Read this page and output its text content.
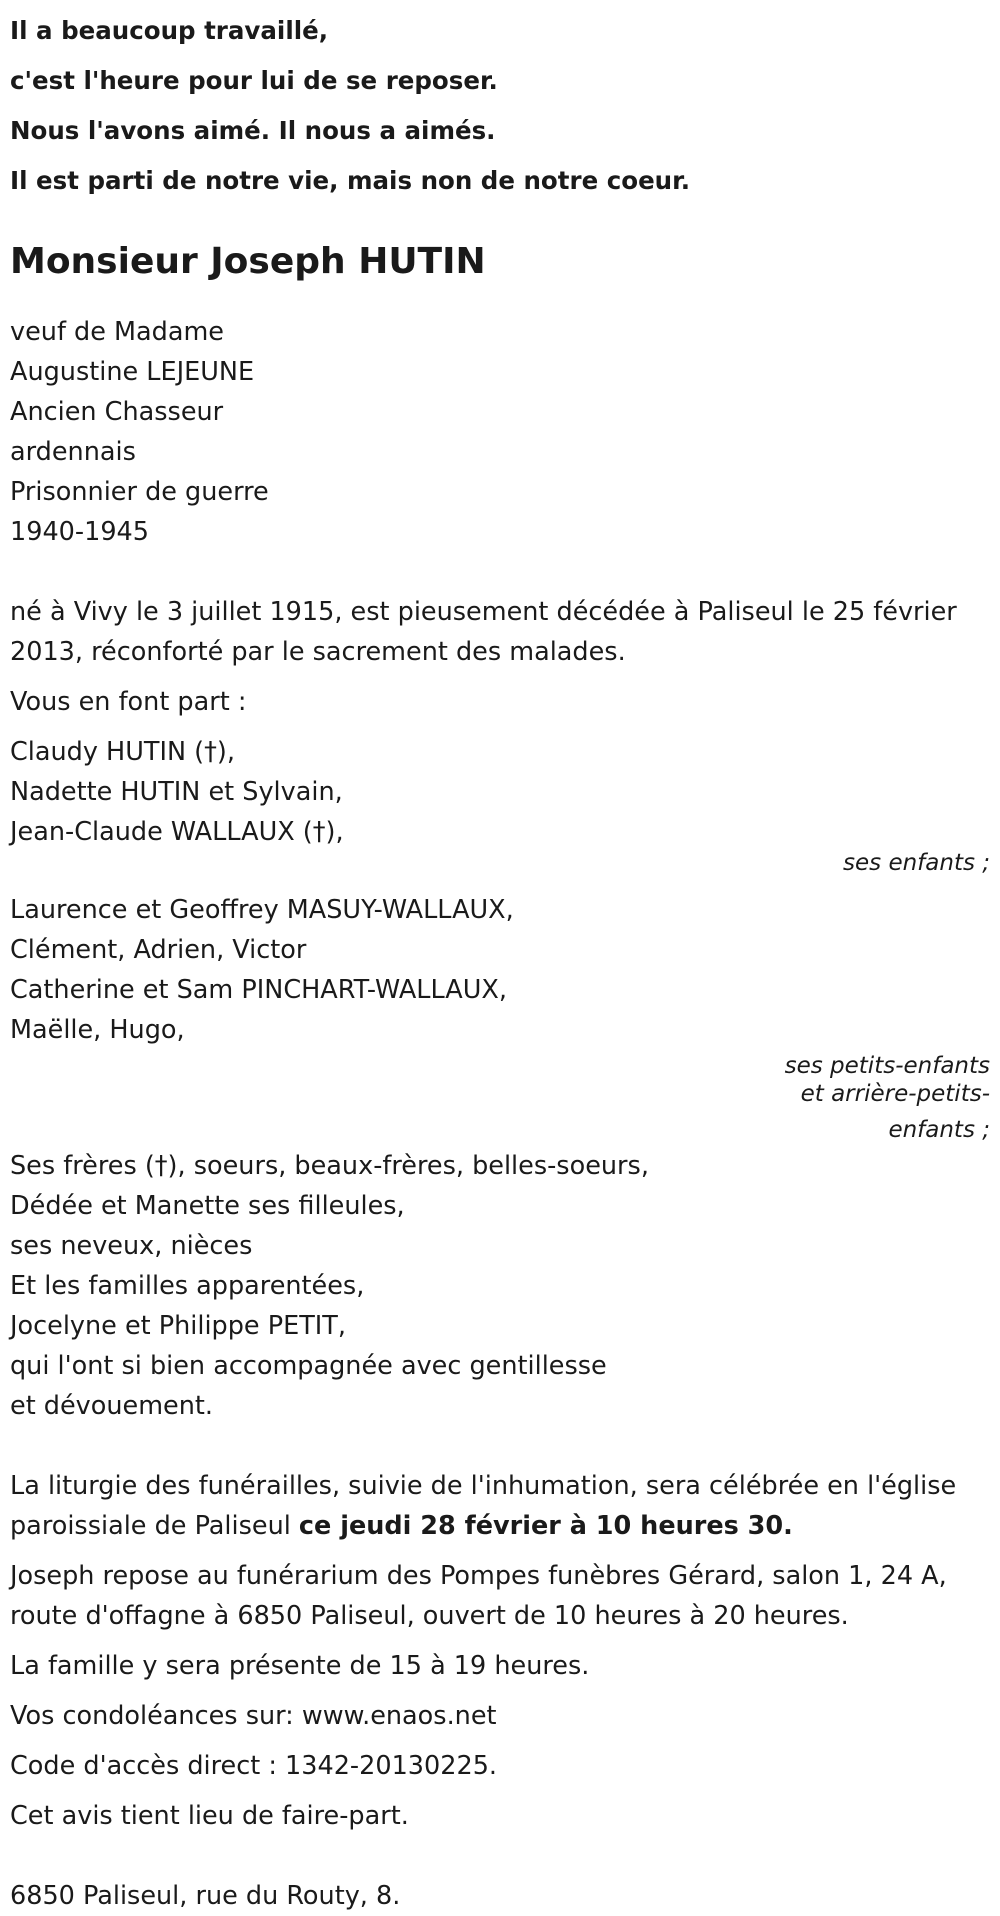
Il a beaucoup travaillé,
c'est l'heure pour lui de se reposer.
Nous l'avons aimé. Il nous a aimés.
Il est parti de notre vie, mais non de notre coeur.
Monsieur Joseph HUTIN
veuf de Madame
Augustine LEJEUNE
Ancien Chasseur
ardennais
Prisonnier de guerre
1940-1945
né à Vivy le 3 juillet 1915, est pieusement décédée à Paliseul le 25 février
2013, réconforté par le sacrement des malades.
Vous en font part :
Claudy HUTIN (†),
Nadette HUTIN et Sylvain,
Jean-Claude WALLAUX (†),
ses enfants ;
Laurence et Geoffrey MASUY-WALLAUX,
Clément, Adrien, Victor
Catherine et Sam PINCHART-WALLAUX,
Maëlle, Hugo,
ses petits-enfants
et arrière-petits-
enfants ;
Ses frères (†), soeurs, beaux-frères, belles-soeurs,
Dédée et Manette ses filleules,
ses neveux, nièces
Et les familles apparentées,
Jocelyne et Philippe PETIT,
qui l'ont si bien accompagnée avec gentillesse
et dévouement.
La liturgie des funérailles, suivie de l'inhumation, sera célébrée en l'église
paroissiale de Paliseul ce jeudi 28 février à 10 heures 30.
Joseph repose au funérarium des Pompes funèbres Gérard, salon 1, 24 A,
route d'offagne à 6850 Paliseul, ouvert de 10 heures à 20 heures.
La famille y sera présente de 15 à 19 heures.
Vos condoléances sur: www.enaos.net
Code d'accès direct : 1342-20130225.
Cet avis tient lieu de faire-part.
6850 Paliseul, rue du Routy, 8.
